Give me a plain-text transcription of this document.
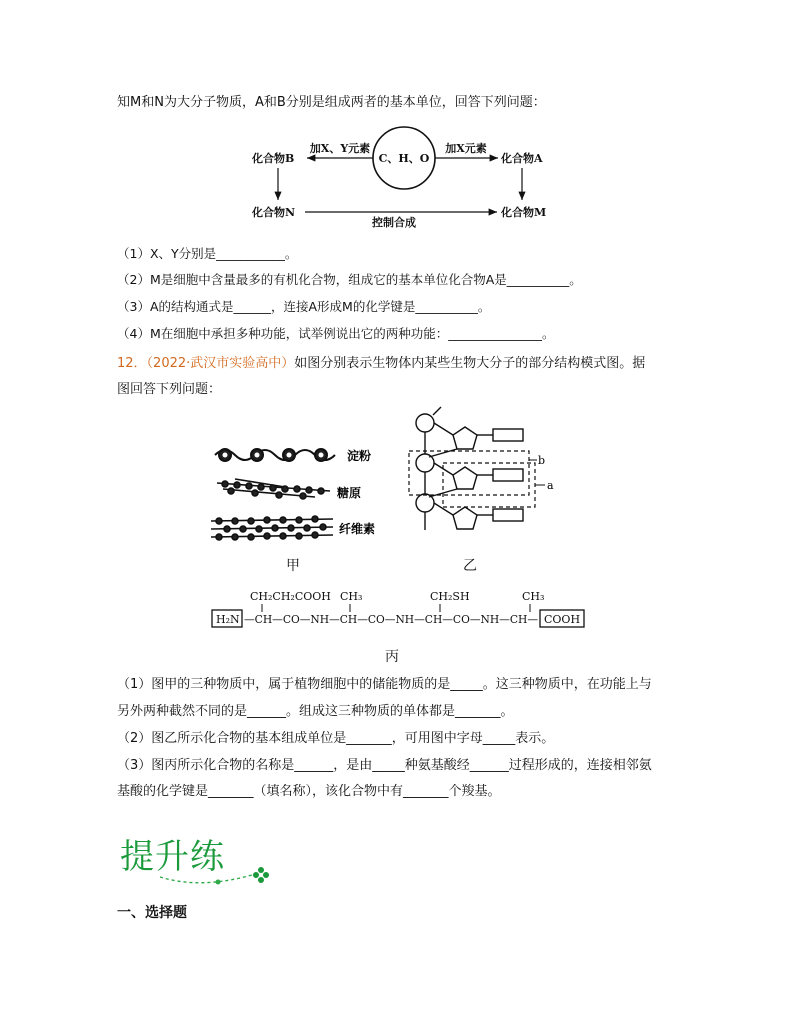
知M和N为大分子物质，A和B分别是组成两者的基本单位，回答下列问题：
C、H、O
加X、Y元素	加X元素
化合物B	化合物A
化合物N	化合物M
控制合成
（1）X、Y分别是___________。
（2）M是细胞中含量最多的有机化合物，组成它的基本单位化合物A是__________。
（3）A的结构通式是______，连接A形成M的化学键是__________。
（4）M在细胞中承担多种功能，试举例说出它的两种功能：_______________。
12．（2022·武汉市实验高中）如图分别表示生物体内某些生物大分子的部分结构模式图。据
图回答下列问题：
淀粉
糖原
纤维素
甲
b
a
乙
CH₂CH₂COOH CH₃	CH₂SH	CH₃
H₂N —CH—CO—NH—CH—CO—NH—CH—CO—NH—CH— COOH
丙
（1）图甲的三种物质中，属于植物细胞中的储能物质的是_____。这三种物质中，在功能上与
另外两种截然不同的是______。组成这三种物质的单体都是_______。
（2）图乙所示化合物的基本组成单位是_______，可用图中字母_____表示。
（3）图丙所示化合物的名称是______，是由_____种氨基酸经______过程形成的，连接相邻氨
基酸的化学键是_______（填名称），该化合物中有_______个羧基。
提升练
一、选择题
